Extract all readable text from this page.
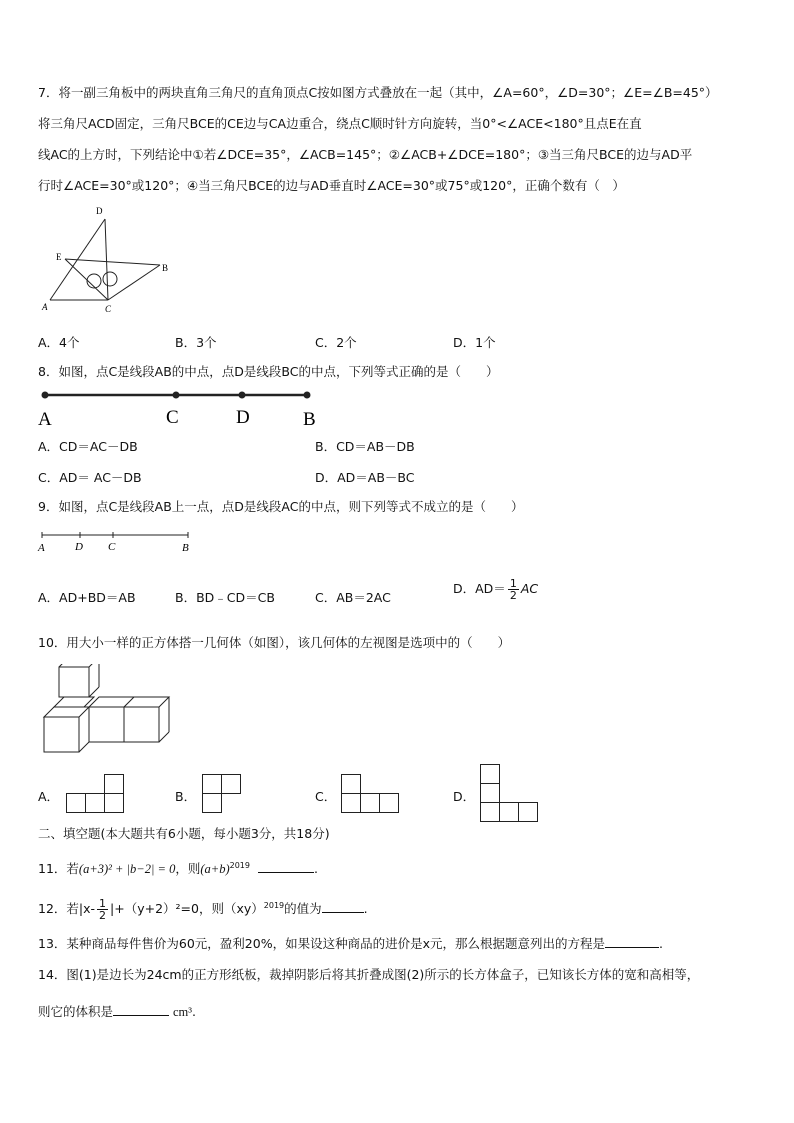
7．将一副三角板中的两块直角三角尺的直角顶点C按如图方式叠放在一起（其中，∠A=60°，∠D=30°；∠E=∠B=45°）
将三角尺ACD固定，三角尺BCE的CE边与CA边重合，绕点C顺时针方向旋转，当0°<∠ACE<180°且点E在直
线AC的上方时，下列结论中①若∠DCE=35°，∠ACB=145°；②∠ACB+∠DCE=180°；③当三角尺BCE的边与AD平
行时∠ACE=30°或120°；④当三角尺BCE的边与AD垂直时∠ACE=30°或75°或120°，正确个数有（　）
D
E
B
A	C
A．4个	B．3个	C．2个	D．1个
8．如图，点C是线段AB的中点，点D是线段BC的中点，下列等式正确的是（　　）
A	C	D	B
A．CD＝AC－DB	B．CD＝AB－DB
C．AD＝ AC－DB	D．AD＝AB－BC
9．如图，点C是线段AB上一点，点D是线段AC的中点，则下列等式不成立的是（　　）
A	D C	B
A．AD+BD＝AB	B．BD﹣CD＝CB	C．AB＝2AC
D．$AD= \frac{1}{2}$ AC
10．用大小一样的正方体搭一几何体（如图），该几何体的左视图是选项中的（　　）
A．	B．	C．	D．
二、填空题(本大题共有6小题，每小题3分，共18分)
11．若(a+3)² + |b−2| = 0，则$(a+b)^{2019}$	.
12．若$|x- \frac{1}{2} |+(y+2)^2=0$，则（xy）$^{2019}$的值为	.
13．某种商品每件售价为60元，盈利20%，如果设这种商品的进价是x元，那么根据题意列出的方程是	.
14．图(1)是边长为24cm的正方形纸板，裁掉阴影后将其折叠成图(2)所示的长方体盒子，已知该长方体的宽和高相等，
则它的体积是	cm³.
